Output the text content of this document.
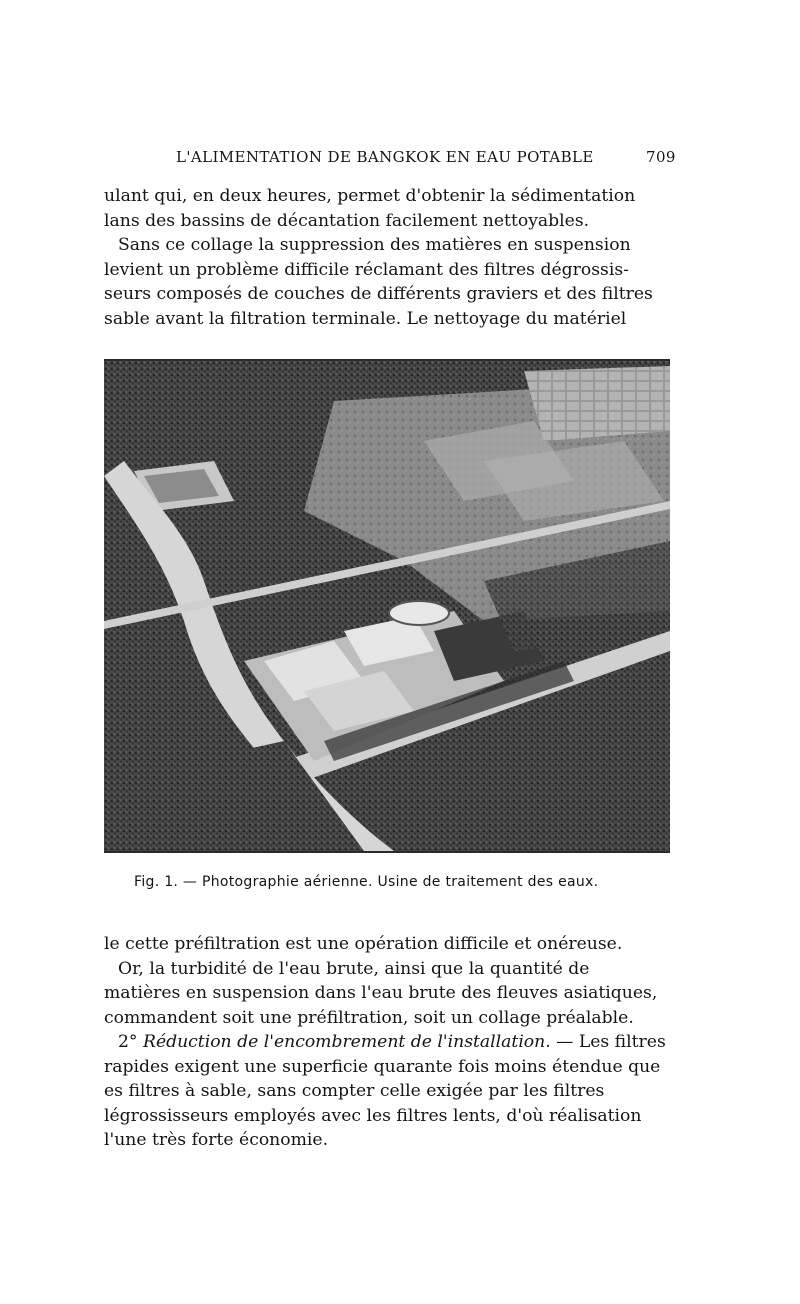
L'ALIMENTATION DE BANGKOK EN EAU POTABLE	709

ulant qui, en deux heures, permet d'obtenir la sédimentation

lans des bassins de décantation facilement nettoyables.

Sans ce collage la suppression des matières en suspension

levient un problème difficile réclamant des filtres dégrossis-

seurs composés de couches de différents graviers et des filtres

sable avant la filtration terminale. Le nettoyage du matériel

Fig. 1. — Photographie aérienne. Usine de traitement des eaux.

le cette préfiltration est une opération difficile et onéreuse.

Or, la turbidité de l'eau brute, ainsi que la quantité de

matières en suspension dans l'eau brute des fleuves asiatiques,

commandent soit une préfiltration, soit un collage préalable.

2° Réduction de l'encombrement de l'installation. — Les filtres

rapides exigent une superficie quarante fois moins étendue que

es filtres à sable, sans compter celle exigée par les filtres

légrossisseurs employés avec les filtres lents, d'où réalisation

l'une très forte économie.
